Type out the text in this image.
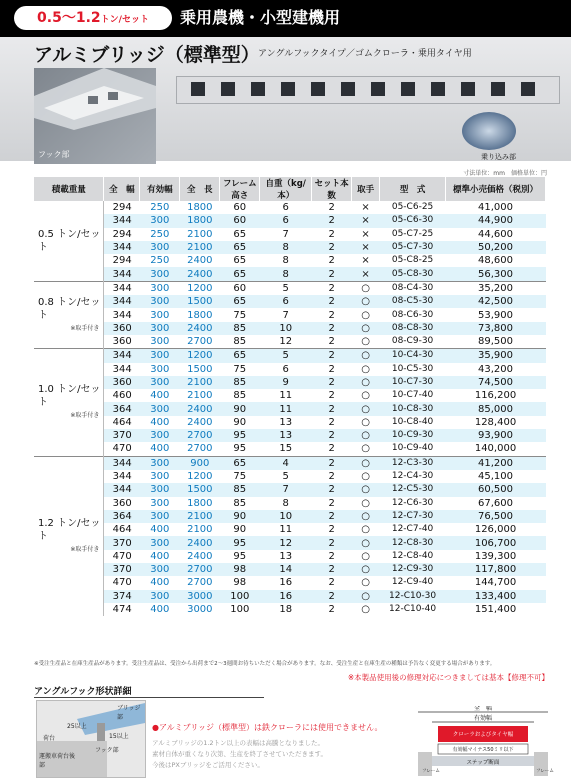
0.5〜1.2トン/セット	乗用農機・小型建機用
アルミブリッジ（標準型）
アングルフックタイプ／ゴムクローラ・乗用タイヤ用
フック部	乗り込み部
寸法単位：mm　価格単位：円
積載重量	全　幅	有効幅	全　長	フレーム高さ	自重（kg/本）	セット本数	取手	型　式	標準小売価格（税別）
0.5 トン/セット	294	250	1800	60	6	2	×	05-C6-25	41,000
	344	300	1800	60	6	2	×	05-C6-30	44,900
	294	250	2100	65	7	2	×	05-C7-25	44,600
	344	300	2100	65	8	2	×	05-C7-30	50,200
	294	250	2400	65	8	2	×	05-C8-25	48,600
	344	300	2400	65	8	2	×	05-C8-30	56,300
0.8 トン/セット
※取手付き	344	300	1200	60	5	2	○	08-C4-30	35,200
	344	300	1500	65	6	2	○	08-C5-30	42,500
	344	300	1800	75	7	2	○	08-C6-30	53,900
	360	300	2400	85	10	2	○	08-C8-30	73,800
	360	300	2700	85	12	2	○	08-C9-30	89,500
1.0 トン/セット
※取手付き	344	300	1200	65	5	2	○	10-C4-30	35,900
	344	300	1500	75	6	2	○	10-C5-30	43,200
	360	300	2100	85	9	2	○	10-C7-30	74,500
	460	400	2100	85	11	2	○	10-C7-40	116,200
	364	300	2400	90	11	2	○	10-C8-30	85,000
	464	400	2400	90	13	2	○	10-C8-40	128,400
	370	300	2700	95	13	2	○	10-C9-30	93,900
	470	400	2700	95	15	2	○	10-C9-40	140,000
1.2 トン/セット
※取手付き	344	300	900	65	4	2	○	12-C3-30	41,200
	344	300	1200	75	5	2	○	12-C4-30	45,100
	344	300	1500	85	7	2	○	12-C5-30	60,500
	360	300	1800	85	8	2	○	12-C6-30	67,600
	364	300	2100	90	10	2	○	12-C7-30	76,500
	464	400	2100	90	11	2	○	12-C7-40	126,000
	370	300	2400	95	12	2	○	12-C8-30	106,700
	470	400	2400	95	13	2	○	12-C8-40	139,300
	370	300	2700	98	14	2	○	12-C9-30	117,800
	470	400	2700	98	16	2	○	12-C9-40	144,700
	374	300	3000	100	16	2	○	12-C10-30	133,400
	474	400	3000	100	18	2	○	12-C10-40	151,400
※受注生産品と在庫生産品があります。受注生産品は、受注から出荷まで2〜3週間お待ちいただく場合があります。なお、受注生産と在庫生産の種類は予告なく変更する場合があります。
※本製品使用後の修理対応につきましては基本【修理不可】
アングルフック形状詳細
ブリッジ部
フック部
25以上
15以上
荷台
運搬車荷台後部
●アルミブリッジ（標準型）は鉄クローラには使用できません。
アルミブリッジの1.2トン以上の表幅は高騰となりました。
素材自体が重くなり次第、生産を終了させていただきます。
今後はPXブリッジをご活用ください。
全　幅
有効幅
クローラおよびタイヤ幅
有効幅マイナス50ミリ以下
ステップ断面
フレーム	フレーム
